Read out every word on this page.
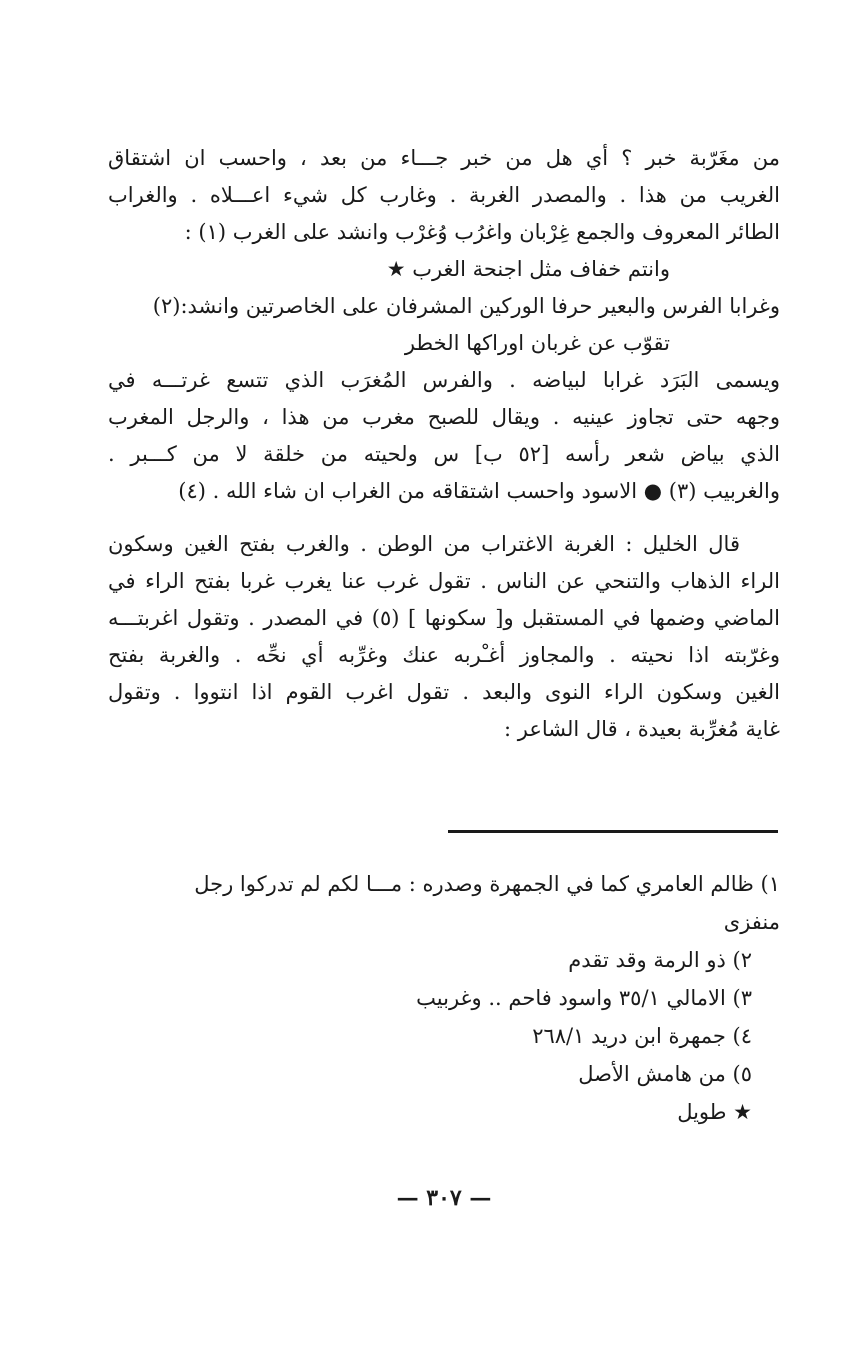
من مغَرّبة خبر ؟ أي هل من خبر جـــاء من بعد ، واحسب ان اشتقاق
الغريب من هذا . والمصدر الغربة . وغارب كل شيء اعـــلاه . والغراب
الطائر المعروف والجمع غِرْبان واغرُب وُغرْب وانشد على الغرب (١) :
وانتم خفاف مثل اجنحة الغرب ★
وغرابا الفرس والبعير حرفا الوركين المشرفان على الخاصرتين وانشد:(٢)
تقوّب عن غربان اوراكها الخطر
ويسمى البَرَد غرابا لبياضه . والفرس المُغرَب الذي تتسع غرتـــه في
وجهه حتى تجاوز عينيه . ويقال للصبح مغرب من هذا ، والرجل المغرب
الذي بياض شعر رأسه [٥٢ ب] س ولحيته من خلقة لا من كـــبر .
والغربيب (٣) ● الاسود واحسب اشتقاقه من الغراب ان شاء الله . (٤)
قال الخليل : الغربة الاغتراب من الوطن . والغرب بفتح الغين وسكون
الراء الذهاب والتنحي عن الناس . تقول غرب عنا يغرب غربا بفتح الراء في
الماضي وضمها في المستقبل و[ سكونها ] (٥) في المصدر . وتقول اغربتـــه
وغرّبته اذا نحيته . والمجاوز أغـْربه عنك وغرِّبه أي نحِّه . والغربة بفتح
الغين وسكون الراء النوى والبعد . تقول اغرب القوم اذا انتووا . وتقول
غاية مُغرِّبة بعيدة ، قال الشاعر :
١) ظالم العامري كما في الجمهرة وصدره : مـــا لكم لم تدركوا رجل
منفزى
٢) ذو الرمة وقد تقدم
٣) الامالي ٣٥/١ واسود فاحم .. وغربيب
٤) جمهرة ابن دريد ٢٦٨/١
٥) من هامش الأصل
★ طويل
— ٣٠٧ —
